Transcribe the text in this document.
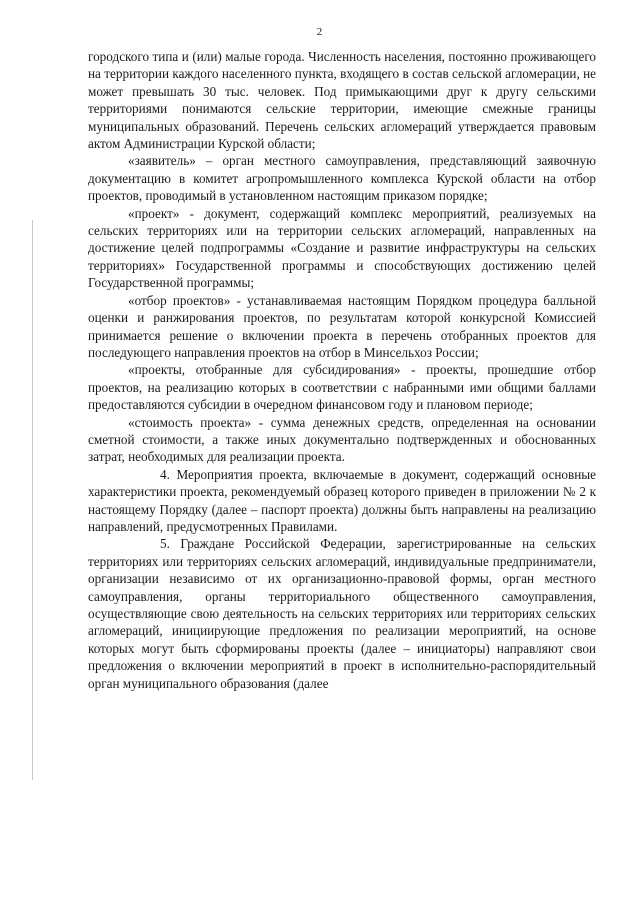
2

городского типа и (или) малые города. Численность населения, постоянно проживающего на территории каждого населенного пункта, входящего в состав сельской агломерации, не может превышать 30 тыс. человек. Под примыкающими друг к другу сельскими территориями понимаются сельские территории, имеющие смежные границы муниципальных образований. Перечень сельских агломераций утверждается правовым актом Администрации Курской области;

«заявитель» – орган местного самоуправления, представляющий заявочную документацию в комитет агропромышленного комплекса Курской области на отбор проектов, проводимый в установленном настоящим приказом порядке;

«проект» - документ, содержащий комплекс мероприятий, реализуемых на сельских территориях или на территории сельских агломераций, направленных на достижение целей подпрограммы «Создание и развитие инфраструктуры на сельских территориях» Государственной программы и способствующих достижению целей Государственной программы;

«отбор проектов» - устанавливаемая настоящим Порядком процедура балльной оценки и ранжирования проектов, по результатам которой конкурсной Комиссией принимается решение о включении проекта в перечень отобранных проектов для последующего направления проектов на отбор в Минсельхоз России;

«проекты, отобранные для субсидирования» - проекты, прошедшие отбор проектов, на реализацию которых в соответствии с набранными ими общими баллами предоставляются субсидии в очередном финансовом году и плановом периоде;

«стоимость проекта» - сумма денежных средств, определенная на основании сметной стоимости, а также иных документально подтвержденных и обоснованных затрат, необходимых для реализации проекта.

4. Мероприятия проекта, включаемые в документ, содержащий основные характеристики проекта, рекомендуемый образец которого приведен в приложении № 2 к настоящему Порядку (далее – паспорт проекта) должны быть направлены на реализацию направлений, предусмотренных Правилами.

5. Граждане Российской Федерации, зарегистрированные на сельских территориях или территориях сельских агломераций, индивидуальные предприниматели, организации независимо от их организационно-правовой формы, орган местного самоуправления, органы территориального общественного самоуправления, осуществляющие свою деятельность на сельских территориях или территориях сельских агломераций, инициирующие предложения по реализации мероприятий, на основе которых могут быть сформированы проекты (далее – инициаторы) направляют свои предложения о включении мероприятий в проект в исполнительно-распорядительный орган муниципального образования (далее
